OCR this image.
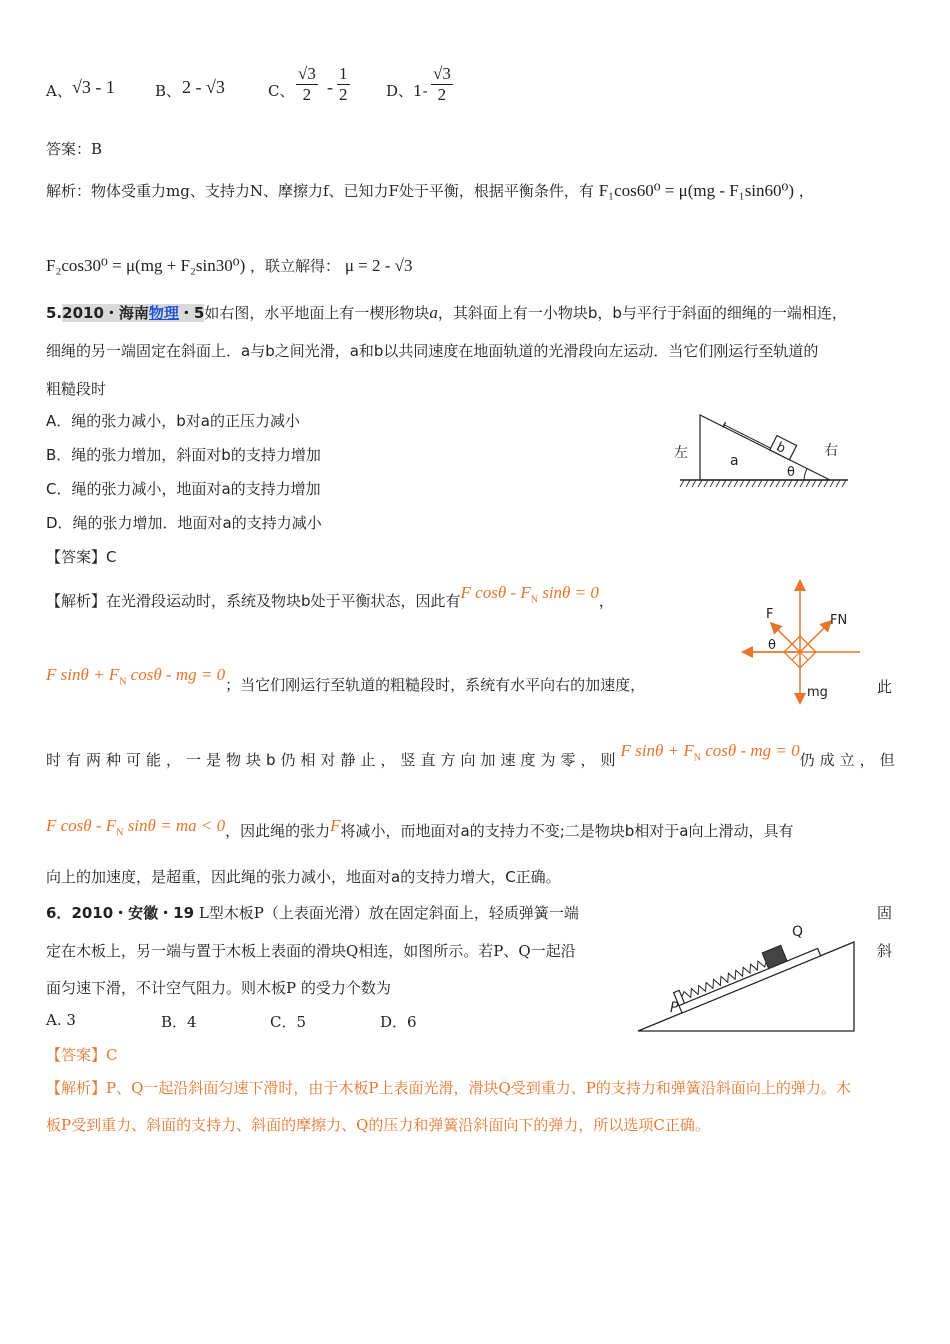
A、 √3 - 1	B、 2 - √3	C、 $\frac{√3}{2} - \frac{1}{2}$ D、$1- \frac{√3}{2}$
答案：B
解析：物体受重力mg、支持力N、摩擦力f、已知力F处于平衡，根据平衡条件，有 F₁cos60⁰ = μ(mg - F₁sin60⁰) ，
F₂cos30⁰ = μ(mg + F₂sin30⁰) ，联立解得： μ = 2 - √3
5.2010・海南物理・5如右图，水平地面上有一楔形物块a，其斜面上有一小物块b，b与平行于斜面的细绳的一端相连，
细绳的另一端固定在斜面上．a与b之间光滑，a和b以共同速度在地面轨道的光滑段向左运动．当它们刚运行至轨道的
粗糙段时
A．绳的张力减小，b对a的正压力减小
B．绳的张力增加，斜面对b的支持力增加
C．绳的张力减小，地面对a的支持力增加
D．绳的张力增加．地面对a的支持力减小
【答案】C
b
左	右
a
θ
F	FN
θ
mg
【解析】在光滑段运动时，系统及物块b处于平衡状态，因此有F cosθ - $F_N$ sinθ = 0，
F $\sin\theta + F_N$ cosθ - mg = 0；当它们刚运行至轨道的粗糙段时，系统有水平向右的加速度，	此
时有两种可能，一是物块b仍相对静止，竖直方向加速度为零，则F $\sin\theta + F_N$ cosθ - mg = 0仍成立，但
F cosθ - $F_N$ sinθ = ma < 0，因此绳的张力F将减小，而地面对a的支持力不变;二是物块b相对于a向上滑动，具有
向上的加速度，是超重，因此绳的张力减小，地面对a的支持力增大，C正确。
6．2010・安徽・19 L型木板P（上表面光滑）放在固定斜面上，轻质弹簧一端	固
定在木板上，另一端与置于木板上表面的滑块Q相连，如图所示。若P、Q一起沿	斜
面匀速下滑，不计空气阻力。则木板P 的受力个数为
A. 3	B．4	C．5	D．6
【答案】C
【解析】P、Q一起沿斜面匀速下滑时，由于木板P上表面光滑，滑块Q受到重力、P的支持力和弹簧沿斜面向上的弹力。木
板P受到重力、斜面的支持力、斜面的摩擦力、Q的压力和弹簧沿斜面向下的弹力，所以选项C正确。
P
Q
